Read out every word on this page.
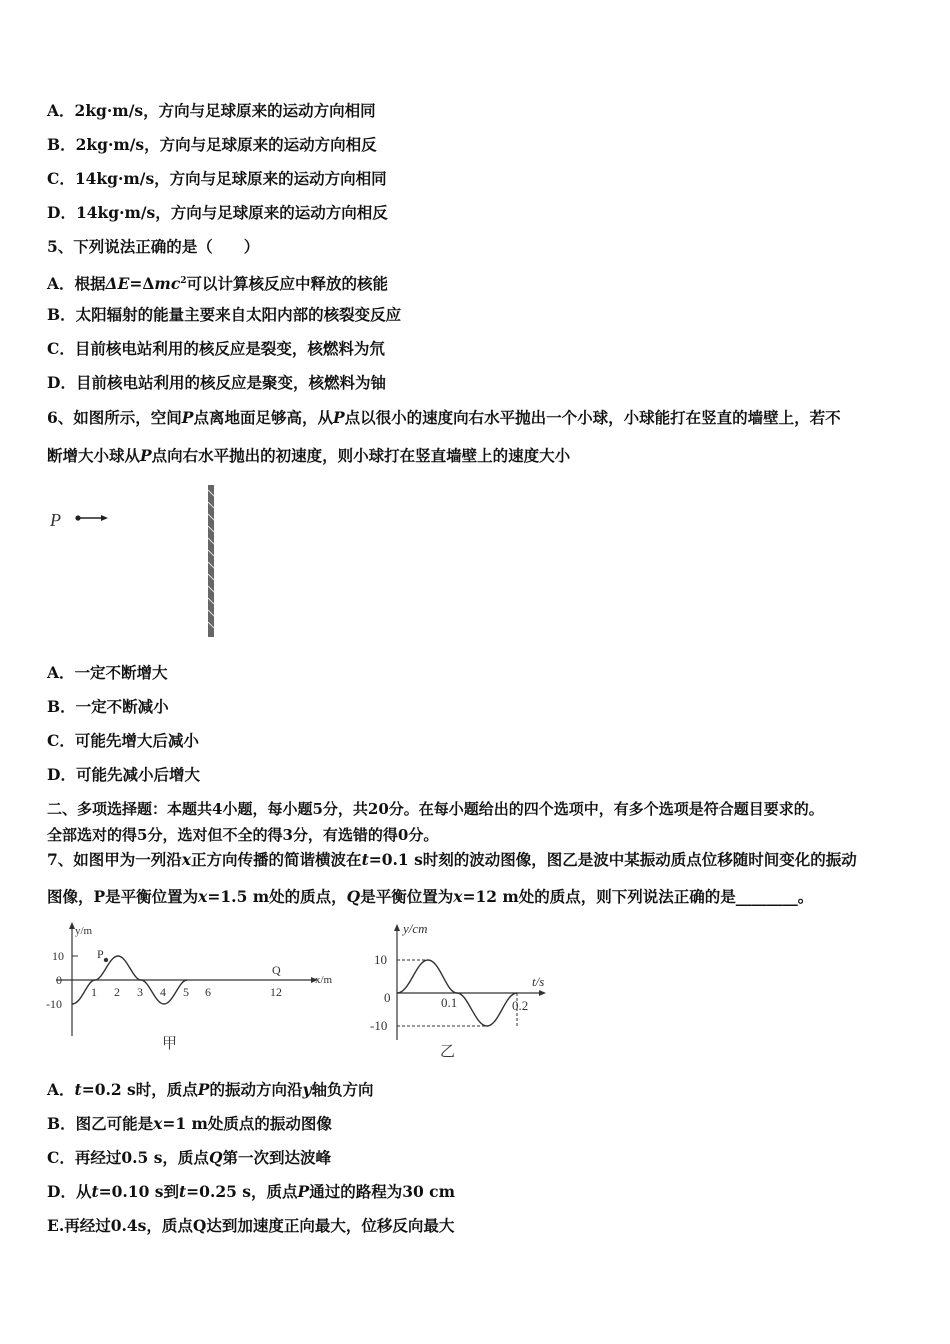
A．2kg·m/s，方向与足球原来的运动方向相同
B．2kg·m/s，方向与足球原来的运动方向相反
C．14kg·m/s，方向与足球原来的运动方向相同
D．14kg·m/s，方向与足球原来的运动方向相反
5、下列说法正确的是（　　）
A．根据ΔE=Δmc$^2$可以计算核反应中释放的核能
B．太阳辐射的能量主要来自太阳内部的核裂变反应
C．目前核电站利用的核反应是裂变，核燃料为氘
D．目前核电站利用的核反应是聚变，核燃料为铀
6、如图所示，空间P点离地面足够高，从P点以很小的速度向右水平抛出一个小球，小球能打在竖直的墙壁上，若不
断增大小球从P点向右水平抛出的初速度，则小球打在竖直墙壁上的速度大小
P
A．一定不断增大
B．一定不断减小
C．可能先增大后减小
D．可能先减小后增大
二、多项选择题：本题共4小题，每小题5分，共20分。在每小题给出的四个选项中，有多个选项是符合题目要求的。
全部选对的得5分，选对但不全的得3分，有选错的得0分。
7、如图甲为一列沿x正方向传播的简谐横波在t=0.1 s时刻的波动图像，图乙是波中某振动质点位移随时间变化的振动
图像，P是平衡位置为x=1.5 m处的质点，Q是平衡位置为x=12 m处的质点，则下列说法正确的是________。
y/m
x/m
10
0
-10
P
1 2 3 4 5 6	12
Q
甲
y/cm
t/s
10
0
-10
0.1	0.2
乙
A．t=0.2 s时，质点P的振动方向沿y轴负方向
B．图乙可能是x=1 m处质点的振动图像
C．再经过0.5 s，质点Q第一次到达波峰
D．从t=0.10 s到t=0.25 s，质点P通过的路程为30 cm
E.再经过0.4s，质点Q达到加速度正向最大，位移反向最大
